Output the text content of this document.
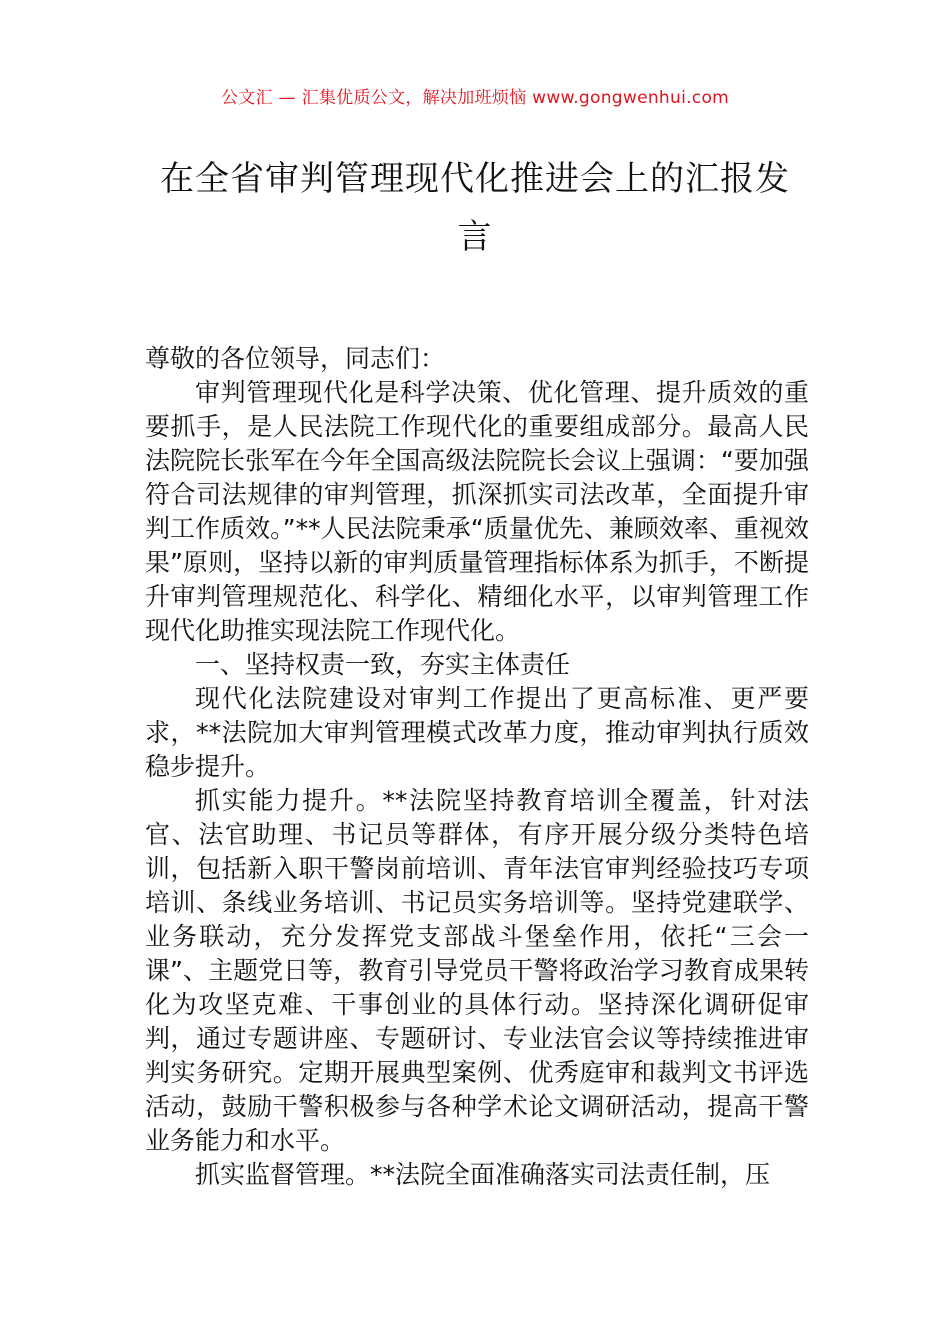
公文汇 — 汇集优质公文，解决加班烦恼 www.gongwenhui.com
在全省审判管理现代化推进会上的汇报发言

尊敬的各位领导，同志们：

审判管理现代化是科学决策、优化管理、提升质效的重要抓手，是人民法院工作现代化的重要组成部分。最高人民法院院长张军在今年全国高级法院院长会议上强调：“要加强符合司法规律的审判管理，抓深抓实司法改革，全面提升审判工作质效。”**人民法院秉承“质量优先、兼顾效率、重视效果”原则，坚持以新的审判质量管理指标体系为抓手，不断提升审判管理规范化、科学化、精细化水平，以审判管理工作现代化助推实现法院工作现代化。

一、坚持权责一致，夯实主体责任

现代化法院建设对审判工作提出了更高标准、更严要求，**法院加大审判管理模式改革力度，推动审判执行质效稳步提升。

抓实能力提升。**法院坚持教育培训全覆盖，针对法官、法官助理、书记员等群体，有序开展分级分类特色培训，包括新入职干警岗前培训、青年法官审判经验技巧专项培训、条线业务培训、书记员实务培训等。坚持党建联学、业务联动，充分发挥党支部战斗堡垒作用，依托“三会一课”、主题党日等，教育引导党员干警将政治学习教育成果转化为攻坚克难、干事创业的具体行动。坚持深化调研促审判，通过专题讲座、专题研讨、专业法官会议等持续推进审判实务研究。定期开展典型案例、优秀庭审和裁判文书评选活动，鼓励干警积极参与各种学术论文调研活动，提高干警业务能力和水平。

抓实监督管理。**法院全面准确落实司法责任制，压
